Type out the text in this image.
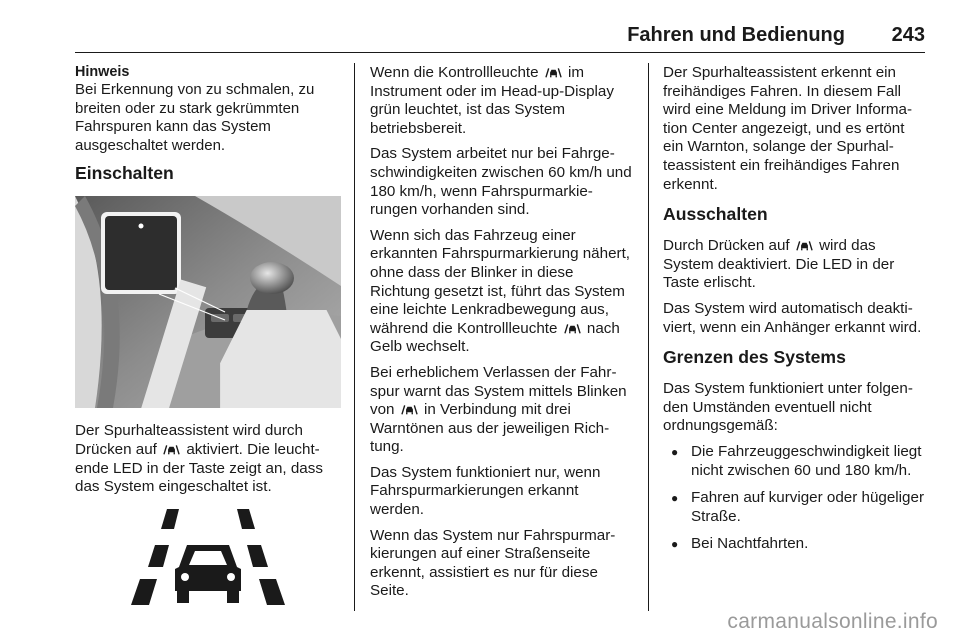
Fahren und Bedienung 243
Hinweis

Bei Erkennung von zu schmalen, zu breiten oder zu stark gekrümmten Fahrspuren kann das System ausgeschaltet werden.

Einschalten

Der Spurhalteassistent wird durch Drücken auf aktiviert. Die leuchtende LED in der Taste zeigt an, dass das System eingeschaltet ist.

Wenn die Kontrollleuchte im Instrument oder im Head-up-Display grün leuchtet, ist das System betriebsbereit.

Das System arbeitet nur bei Fahrgeschwindigkeiten zwischen 60 km/h und 180 km/h, wenn Fahrspurmarkierungen vorhanden sind.

Wenn sich das Fahrzeug einer erkannten Fahrspurmarkierung nähert, ohne dass der Blinker in diese Richtung gesetzt ist, führt das System eine leichte Lenkradbewegung aus, während die Kontrollleuchte nach Gelb wechselt.

Bei erheblichem Verlassen der Fahrspur warnt das System mittels Blinken von in Verbindung mit drei Warntönen aus der jeweiligen Richtung.

Das System funktioniert nur, wenn Fahrspurmarkierungen erkannt werden.

Wenn das System nur Fahrspurmarkierungen auf einer Straßenseite erkennt, assistiert es nur für diese Seite.

Der Spurhalteassistent erkennt ein freihändiges Fahren. In diesem Fall wird eine Meldung im Driver Information Center angezeigt, und es ertönt ein Warnton, solange der Spurhalteassistent ein freihändiges Fahren erkennt.

Ausschalten

Durch Drücken auf wird das System deaktiviert. Die LED in der Taste erlischt.

Das System wird automatisch deaktiviert, wenn ein Anhänger erkannt wird.

Grenzen des Systems

Das System funktioniert unter folgenden Umständen eventuell nicht ordnungsgemäß:

● Die Fahrzeuggeschwindigkeit liegt nicht zwischen 60 und 180 km/h.
● Fahren auf kurviger oder hügeliger Straße.
● Bei Nachtfahrten.
carmanualsonline.info
